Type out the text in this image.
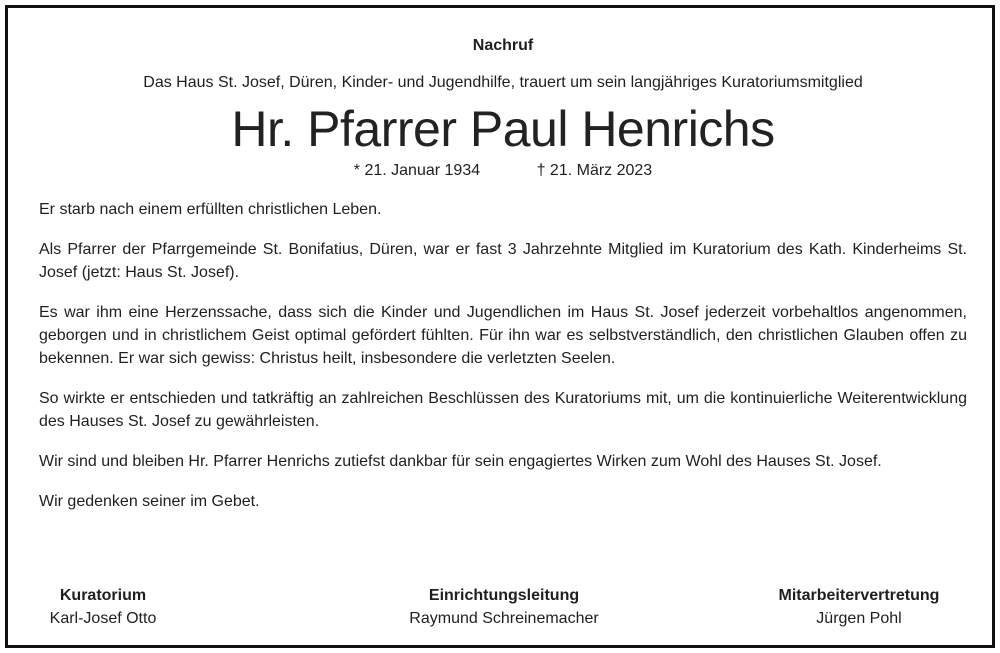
Nachruf

Das Haus St. Josef, Düren, Kinder- und Jugendhilfe, trauert um sein langjähriges Kuratoriumsmitglied

Hr. Pfarrer Paul Henrichs

* 21. Januar 1934	† 21. März 2023

Er starb nach einem erfüllten christlichen Leben.

Als Pfarrer der Pfarrgemeinde St. Bonifatius, Düren, war er fast 3 Jahrzehnte Mitglied im Kuratorium des Kath. Kinderheims St. Josef (jetzt: Haus St. Josef).

Es war ihm eine Herzenssache, dass sich die Kinder und Jugendlichen im Haus St. Josef jederzeit vorbehaltlos angenommen, geborgen und in christlichem Geist optimal gefördert fühlten. Für ihn war es selbstverständlich, den christlichen Glauben offen zu bekennen. Er war sich gewiss: Christus heilt, insbesondere die verletzten Seelen.

So wirkte er entschieden und tatkräftig an zahlreichen Beschlüssen des Kuratoriums mit, um die kontinuierliche Weiterentwicklung des Hauses St. Josef zu gewährleisten.

Wir sind und bleiben Hr. Pfarrer Henrichs zutiefst dankbar für sein engagiertes Wirken zum Wohl des Hauses St. Josef.

Wir gedenken seiner im Gebet.

Kuratorium
Karl-Josef Otto
Einrichtungsleitung
Raymund Schreinemacher
Mitarbeitervertretung
Jürgen Pohl
